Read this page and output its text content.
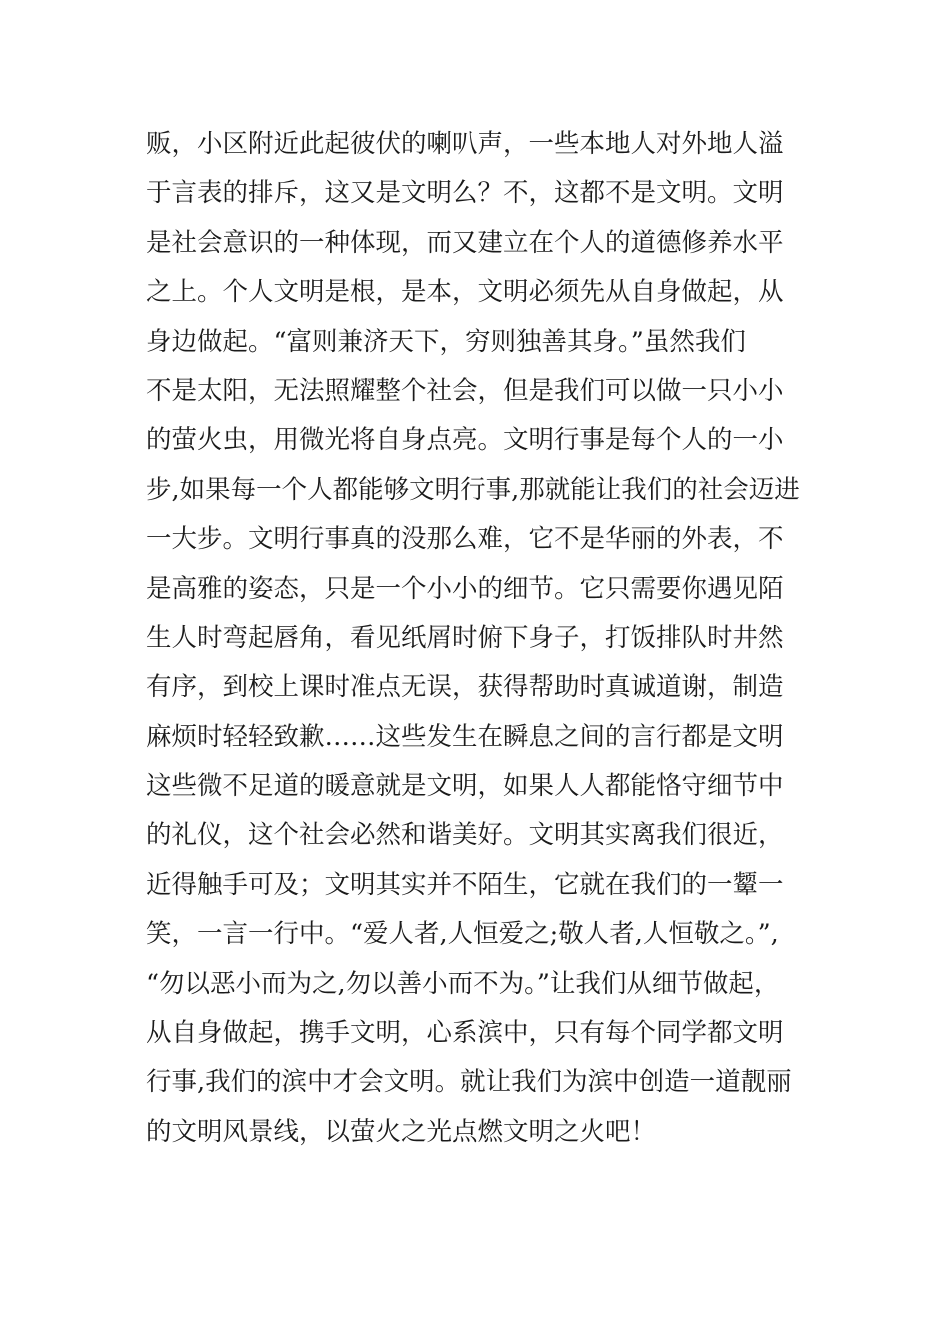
贩，小区附近此起彼伏的喇叭声，一些本地人对外地人溢
于言表的排斥，这又是文明么？不，这都不是文明。文明
是社会意识的一种体现，而又建立在个人的道德修养水平
之上。个人文明是根，是本，文明必须先从自身做起，从
身边做起。“富则兼济天下，穷则独善其身。”虽然我们
不是太阳，无法照耀整个社会，但是我们可以做一只小小
的萤火虫，用微光将自身点亮。文明行事是每个人的一小
步,如果每一个人都能够文明行事,那就能让我们的社会迈进
一大步。文明行事真的没那么难，它不是华丽的外表，不
是高雅的姿态，只是一个小小的细节。它只需要你遇见陌
生人时弯起唇角，看见纸屑时俯下身子，打饭排队时井然
有序，到校上课时准点无误，获得帮助时真诚道谢，制造
麻烦时轻轻致歉……这些发生在瞬息之间的言行都是文明
这些微不足道的暖意就是文明，如果人人都能恪守细节中
的礼仪，这个社会必然和谐美好。文明其实离我们很近，
近得触手可及；文明其实并不陌生，它就在我们的一颦一
笑，一言一行中。“爱人者,人恒爱之;敬人者,人恒敬之。”,
“勿以恶小而为之,勿以善小而不为。”让我们从细节做起，
从自身做起，携手文明，心系滨中，只有每个同学都文明
行事,我们的滨中才会文明。就让我们为滨中创造一道靓丽
的文明风景线，以萤火之光点燃文明之火吧！
